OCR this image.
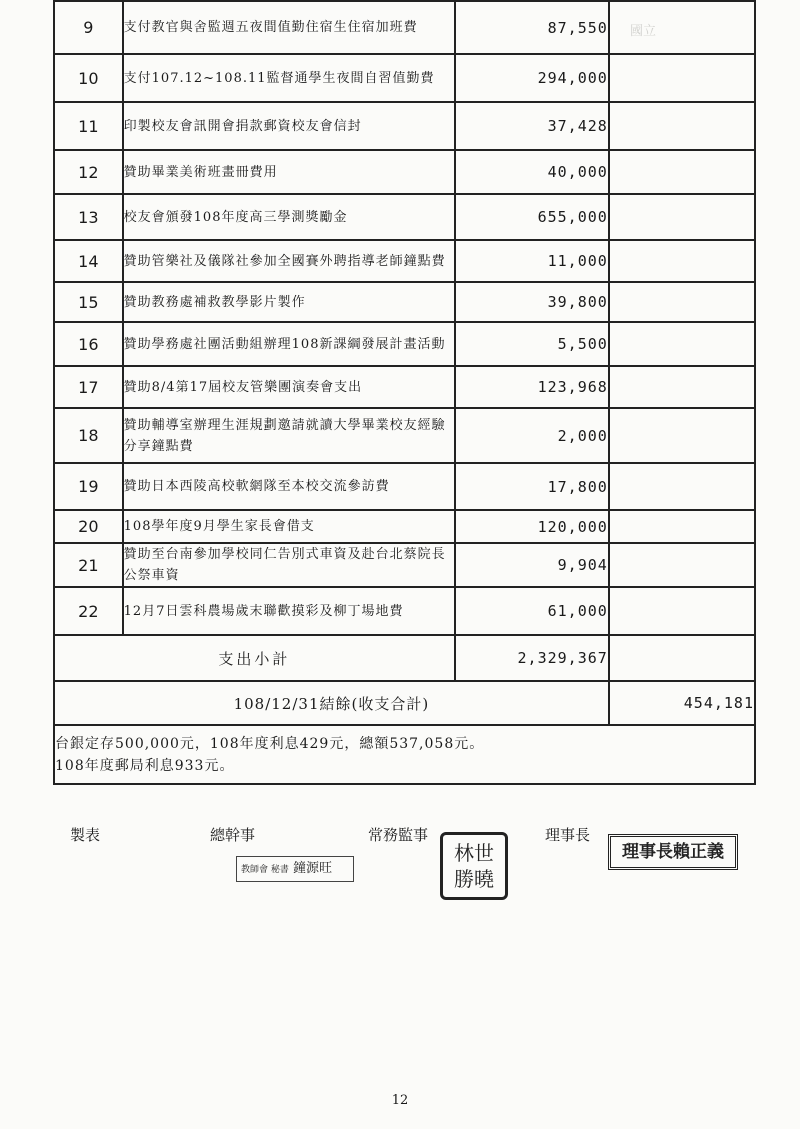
國立
9	支付教官與舍監週五夜間值勤住宿生住宿加班費	87,550	
10	支付107.12~108.11監督通學生夜間自習值勤費	294,000	
11	印製校友會訊開會捐款郵資校友會信封	37,428	
12	贊助畢業美術班畫冊費用	40,000	
13	校友會頒發108年度高三學測獎勵金	655,000	
14	贊助管樂社及儀隊社參加全國賽外聘指導老師鐘點費	11,000	
15	贊助教務處補救教學影片製作	39,800	
16	贊助學務處社團活動組辦理108新課綱發展計畫活動	5,500	
17	贊助8/4第17屆校友管樂團演奏會支出	123,968	
18	贊助輔導室辦理生涯規劃邀請就讀大學畢業校友經驗分享鐘點費	2,000	
19	贊助日本西陵高校軟網隊至本校交流參訪費	17,800	
20	108學年度9月學生家長會借支	120,000	
21	贊助至台南參加學校同仁告別式車資及赴台北蔡院長公祭車資	9,904	
22	12月7日雲科農場歲末聯歡摸彩及柳丁場地費	61,000	
支出小計		2,329,367	
108/12/31結餘(收支合計)			454,181

台銀定存500,000元，108年度利息429元，總額537,058元。
108年度郵局利息933元。			
製表	總幹事	常務監事	理事長
教師會 秘書 鐘源旺
林世勝曉
理事長賴正義
12
